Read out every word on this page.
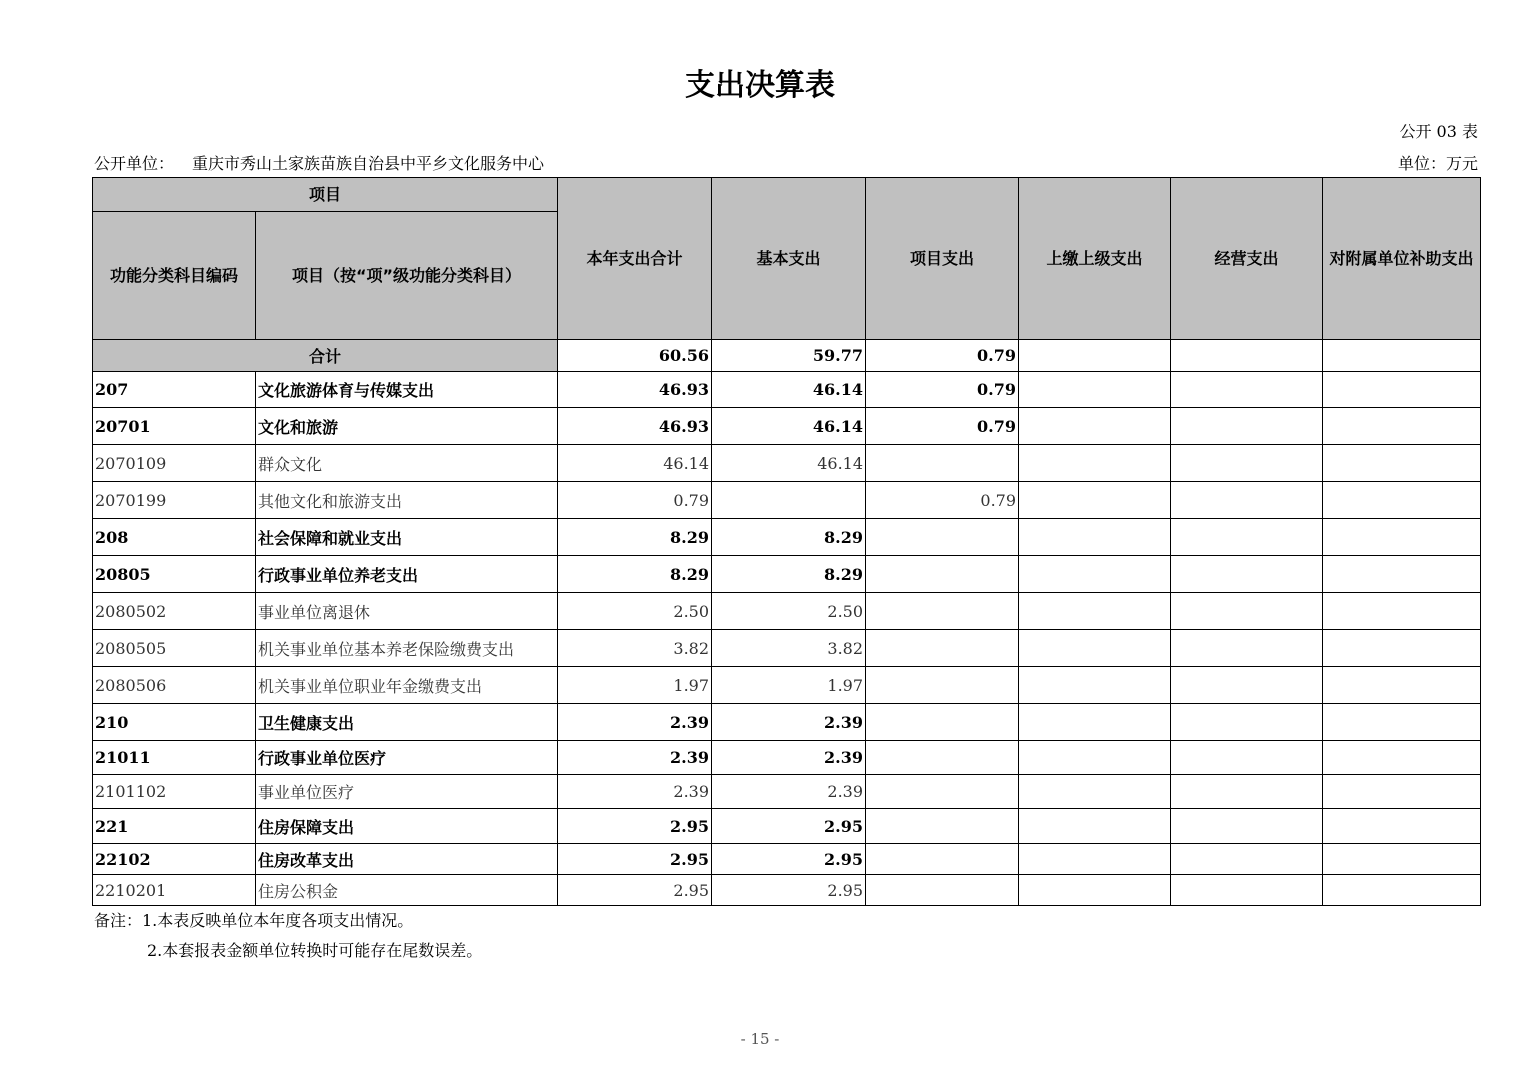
支出决算表
公开 03 表
公开单位： 重庆市秀山土家族苗族自治县中平乡文化服务中心	单位：万元
项目		本年支出合计	基本支出	项目支出	上缴上级支出	经营支出	对附属单位补助支出
功能分类科目编码	项目（按“项”级功能分类科目）						
合计		60.56	59.77	0.79			
207	文化旅游体育与传媒支出	46.93	46.14	0.79			
20701	文化和旅游	46.93	46.14	0.79			
2070109	群众文化	46.14	46.14				
2070199	其他文化和旅游支出	0.79		0.79			
208	社会保障和就业支出	8.29	8.29				
20805	行政事业单位养老支出	8.29	8.29				
2080502	事业单位离退休	2.50	2.50				
2080505	机关事业单位基本养老保险缴费支出	3.82	3.82				
2080506	机关事业单位职业年金缴费支出	1.97	1.97				
210	卫生健康支出	2.39	2.39				
21011	行政事业单位医疗	2.39	2.39				
2101102	事业单位医疗	2.39	2.39				
221	住房保障支出	2.95	2.95				
22102	住房改革支出	2.95	2.95				
2210201	住房公积金	2.95	2.95				
备注：1.本表反映单位本年度各项支出情况。
2.本套报表金额单位转换时可能存在尾数误差。
- 15 -
